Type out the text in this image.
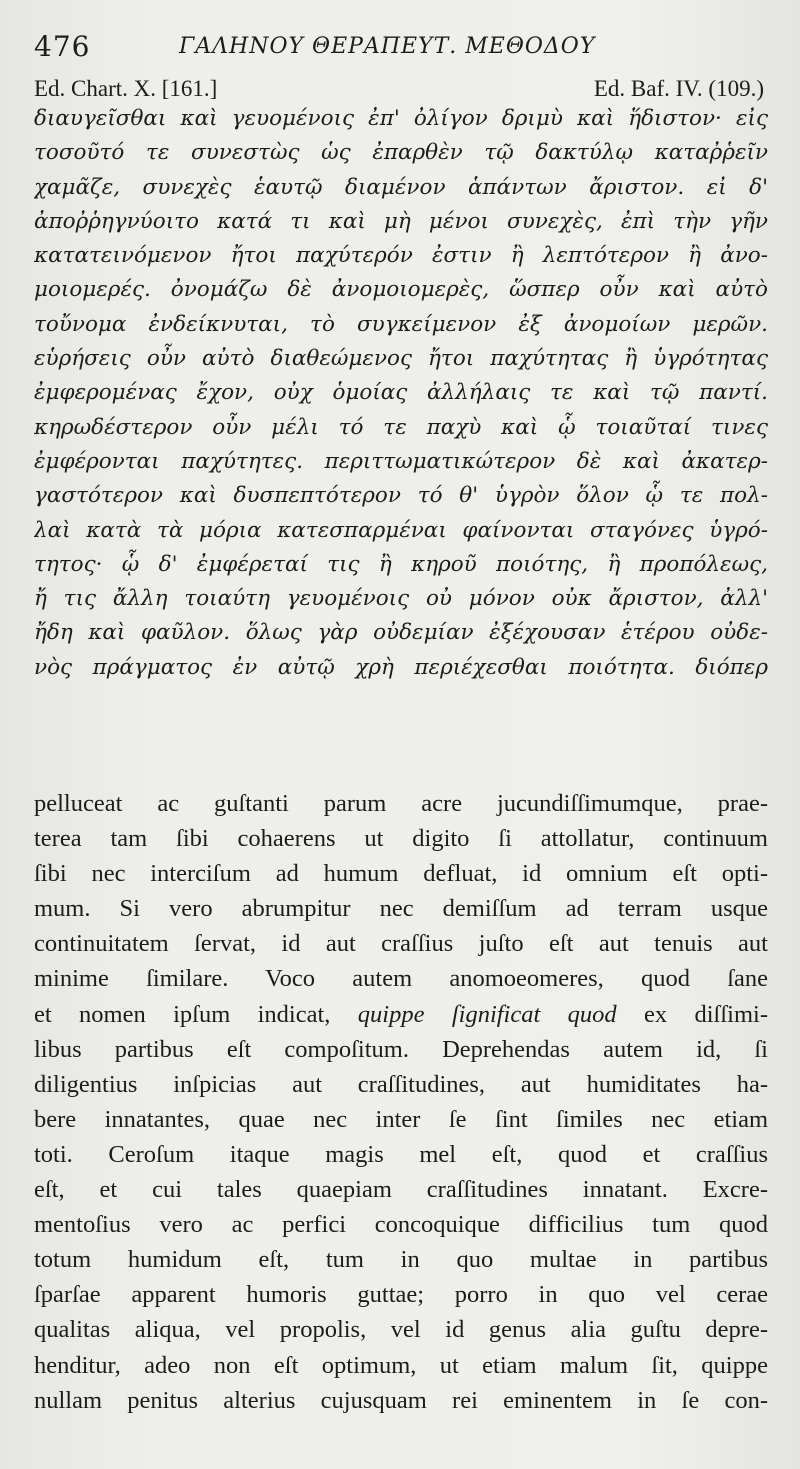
476	ΓΑΛΗΝΟΥ ΘΕΡΑΠΕΥΤ. ΜΕΘΟΔΟΥ
Ed. Chart. X. [161.]	Ed. Baf. IV. (109.)
διαυγεῖσθαι καὶ γευομένοις ἐπ' ὀλίγον δριμὺ καὶ ἥδιστον· εἰς
τοσοῦτό τε συνεστὼς ὡς ἐπαρθὲν τῷ δακτύλῳ καταῤῥεῖν
χαμᾶζε, συνεχὲς ἑαυτῷ διαμένον ἁπάντων ἄριστον. εἰ δ'
ἀποῤῥηγνύοιτο κατά τι καὶ μὴ μένοι συνεχὲς, ἐπὶ τὴν γῆν
κατατεινόμενον ἤτοι παχύτερόν ἐστιν ἢ λεπτότερον ἢ ἀνο-
μοιομερές. ὀνομάζω δὲ ἀνομοιομερὲς, ὥσπερ οὖν καὶ αὐτὸ
τοὔνομα ἐνδείκνυται, τὸ συγκείμενον ἐξ ἀνομοίων μερῶν.
εὑρήσεις οὖν αὐτὸ διαθεώμενος ἤτοι παχύτητας ἢ ὑγρότητας
ἐμφερομένας ἔχον, οὐχ ὁμοίας ἀλλήλαις τε καὶ τῷ παντί.
κηρωδέστερον οὖν μέλι τό τε παχὺ καὶ ᾧ τοιαῦταί τινες
ἐμφέρονται παχύτητες. περιττωματικώτερον δὲ καὶ ἀκατερ-
γαστότερον καὶ δυσπεπτότερον τό θ' ὑγρὸν ὅλον ᾧ τε πολ-
λαὶ κατὰ τὰ μόρια κατεσπαρμέναι φαίνονται σταγόνες ὑγρό-
τητος· ᾧ δ' ἐμφέρεταί τις ἢ κηροῦ ποιότης, ἢ προπόλεως,
ἤ τις ἄλλη τοιαύτη γευομένοις οὐ μόνον οὐκ ἄριστον, ἀλλ'
ἤδη καὶ φαῦλον. ὅλως γὰρ οὐδεμίαν ἐξέχουσαν ἑτέρου οὐδε-
νὸς πράγματος ἐν αὐτῷ χρὴ περιέχεσθαι ποιότητα. διόπερ
pelluceat ac guſtanti parum acre jucundiſſimumque, prae-
terea tam ſibi cohaerens ut digito ſi attollatur, continuum
ſibi nec interciſum ad humum defluat, id omnium eſt opti-
mum. Si vero abrumpitur nec demiſſum ad terram usque
continuitatem ſervat, id aut craſſius juſto eſt aut tenuis aut
minime ſimilare. Voco autem anomoeomeres, quod ſane
et nomen ipſum indicat, quippe ſignificat quod ex diſſimi-
libus partibus eſt compoſitum. Deprehendas autem id, ſi
diligentius inſpicias aut craſſitudines, aut humiditates ha-
bere innatantes, quae nec inter ſe ſint ſimiles nec etiam
toti. Ceroſum itaque magis mel eſt, quod et craſſius
eſt, et cui tales quaepiam craſſitudines innatant. Excre-
mentoſius vero ac perfici concoquique difficilius tum quod
totum humidum eſt, tum in quo multae in partibus
ſparſae apparent humoris guttae; porro in quo vel cerae
qualitas aliqua, vel propolis, vel id genus alia guſtu depre-
henditur, adeo non eſt optimum, ut etiam malum ſit, quippe
nullam penitus alterius cujusquam rei eminentem in ſe con-
